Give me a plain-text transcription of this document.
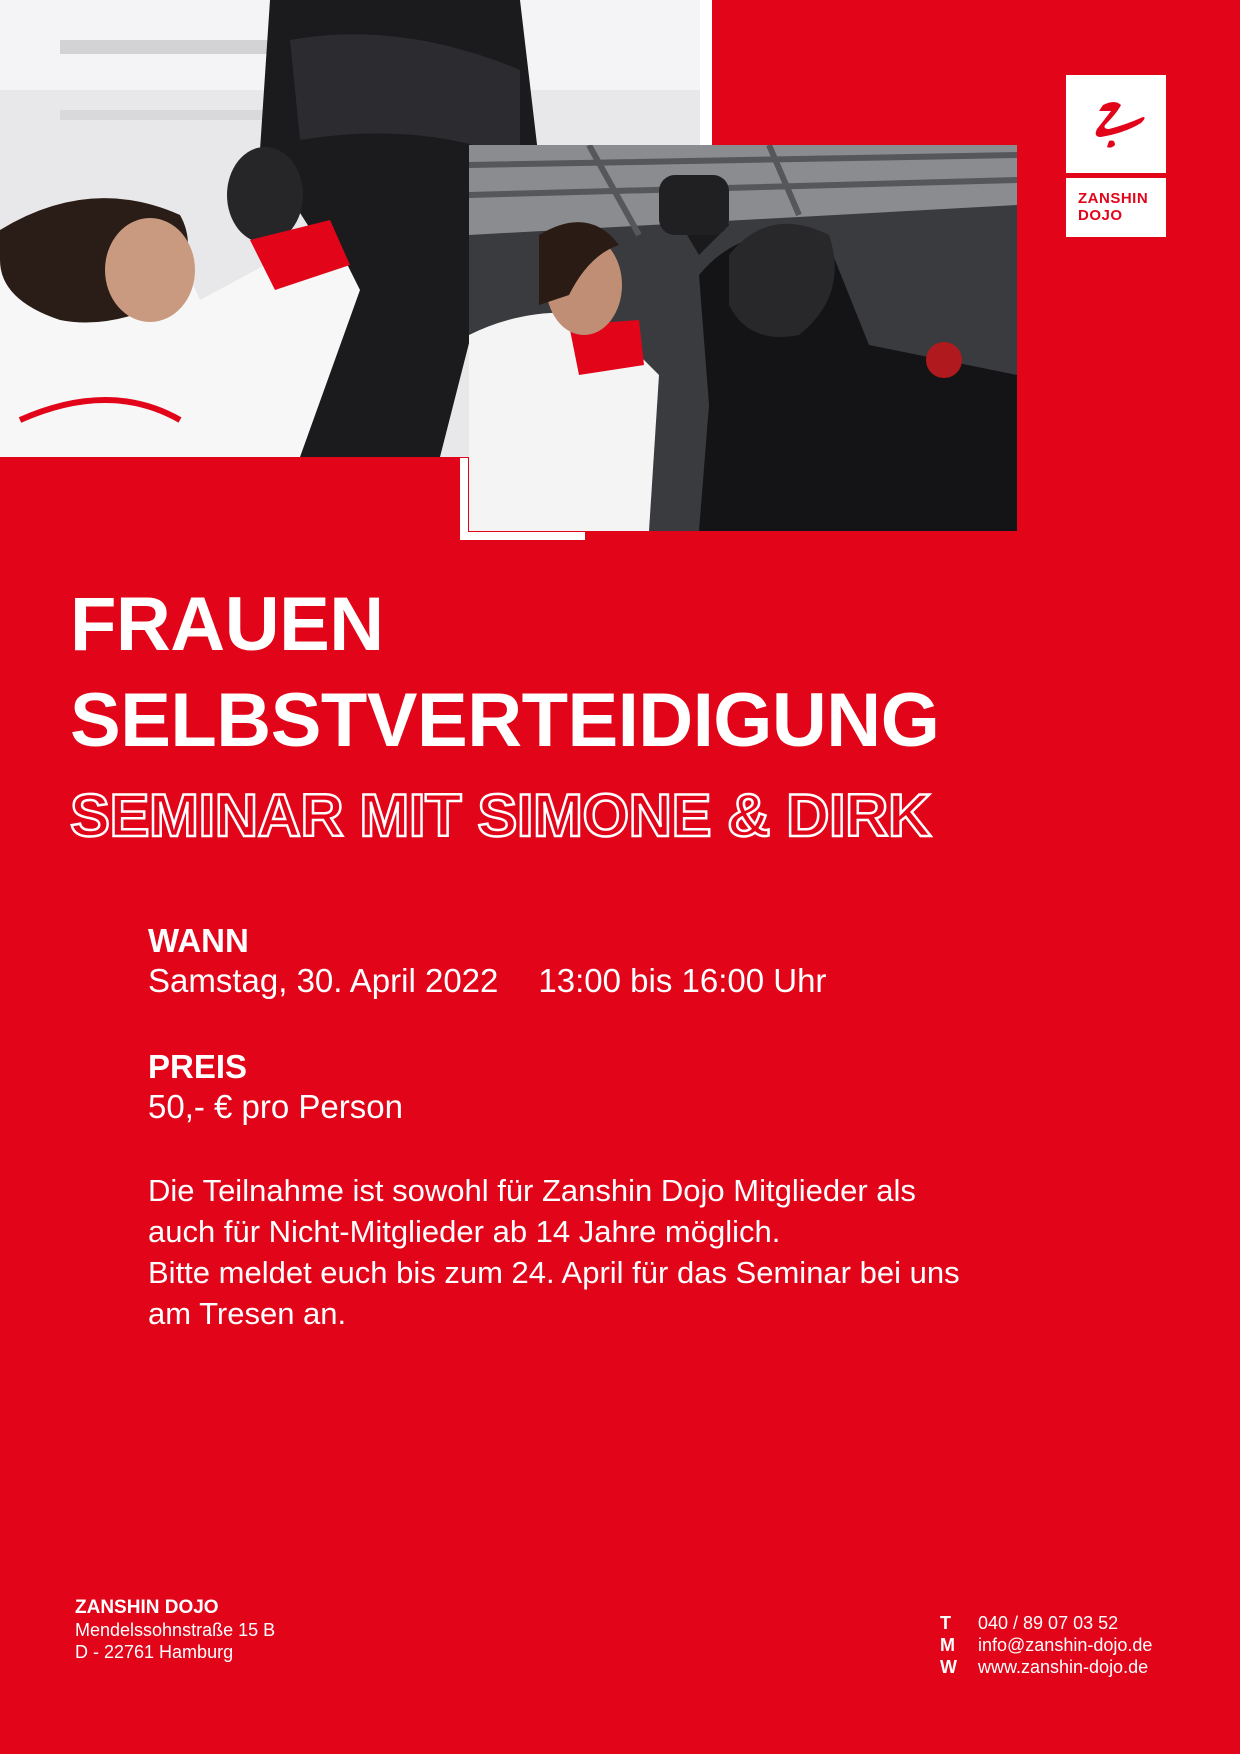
ZANSHIN
DOJO
FRAUEN
SELBSTVERTEIDIGUNG
SEMINAR MIT SIMONE & DIRK
WANN
Samstag, 30. April 2022 13:00 bis 16:00 Uhr
PREIS
50,- € pro Person

Die Teilnahme ist sowohl für Zanshin Dojo Mitglieder als

auch für Nicht-Mitglieder ab 14 Jahre möglich.

Bitte meldet euch bis zum 24. April für das Seminar bei uns

am Tresen an.

ZANSHIN DOJO
Mendelssohnstraße 15 B
D - 22761 Hamburg
T	040 / 89 07 03 52
M	info@zanshin-dojo.de
W	www.zanshin-dojo.de
